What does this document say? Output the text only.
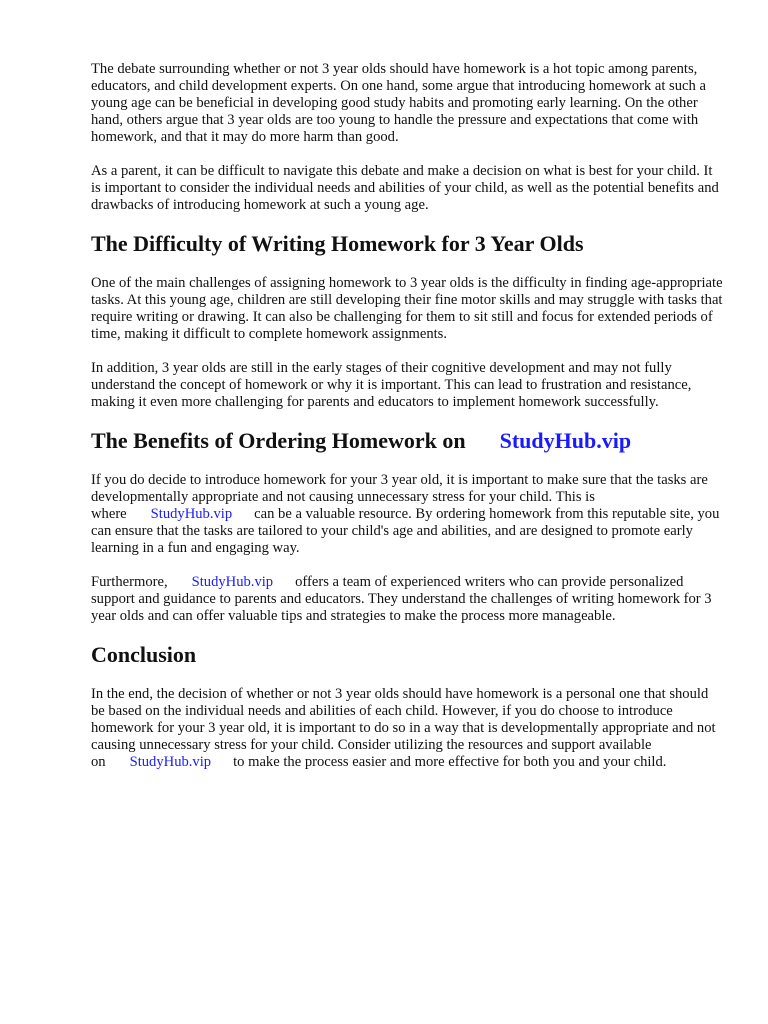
The debate surrounding whether or not 3 year olds should have homework is a hot topic among parents, educators, and child development experts. On one hand, some argue that introducing homework at such a young age can be beneficial in developing good study habits and promoting early learning. On the other hand, others argue that 3 year olds are too young to handle the pressure and expectations that come with homework, and that it may do more harm than good.

As a parent, it can be difficult to navigate this debate and make a decision on what is best for your child. It is important to consider the individual needs and abilities of your child, as well as the potential benefits and drawbacks of introducing homework at such a young age.

The Difficulty of Writing Homework for 3 Year Olds

One of the main challenges of assigning homework to 3 year olds is the difficulty in finding age-appropriate tasks. At this young age, children are still developing their fine motor skills and may struggle with tasks that require writing or drawing. It can also be challenging for them to sit still and focus for extended periods of time, making it difficult to complete homework assignments.

In addition, 3 year olds are still in the early stages of their cognitive development and may not fully understand the concept of homework or why it is important. This can lead to frustration and resistance, making it even more challenging for parents and educators to implement homework successfully.

The Benefits of Ordering Homework on StudyHub.vip

If you do decide to introduce homework for your 3 year old, it is important to make sure that the tasks are developmentally appropriate and not causing unnecessary stress for your child. This is where StudyHub.vip can be a valuable resource. By ordering homework from this reputable site, you can ensure that the tasks are tailored to your child's age and abilities, and are designed to promote early learning in a fun and engaging way.

Furthermore, StudyHub.vip offers a team of experienced writers who can provide personalized support and guidance to parents and educators. They understand the challenges of writing homework for 3 year olds and can offer valuable tips and strategies to make the process more manageable.

Conclusion

In the end, the decision of whether or not 3 year olds should have homework is a personal one that should be based on the individual needs and abilities of each child. However, if you do choose to introduce homework for your 3 year old, it is important to do so in a way that is developmentally appropriate and not causing unnecessary stress for your child. Consider utilizing the resources and support available on StudyHub.vip to make the process easier and more effective for both you and your child.
